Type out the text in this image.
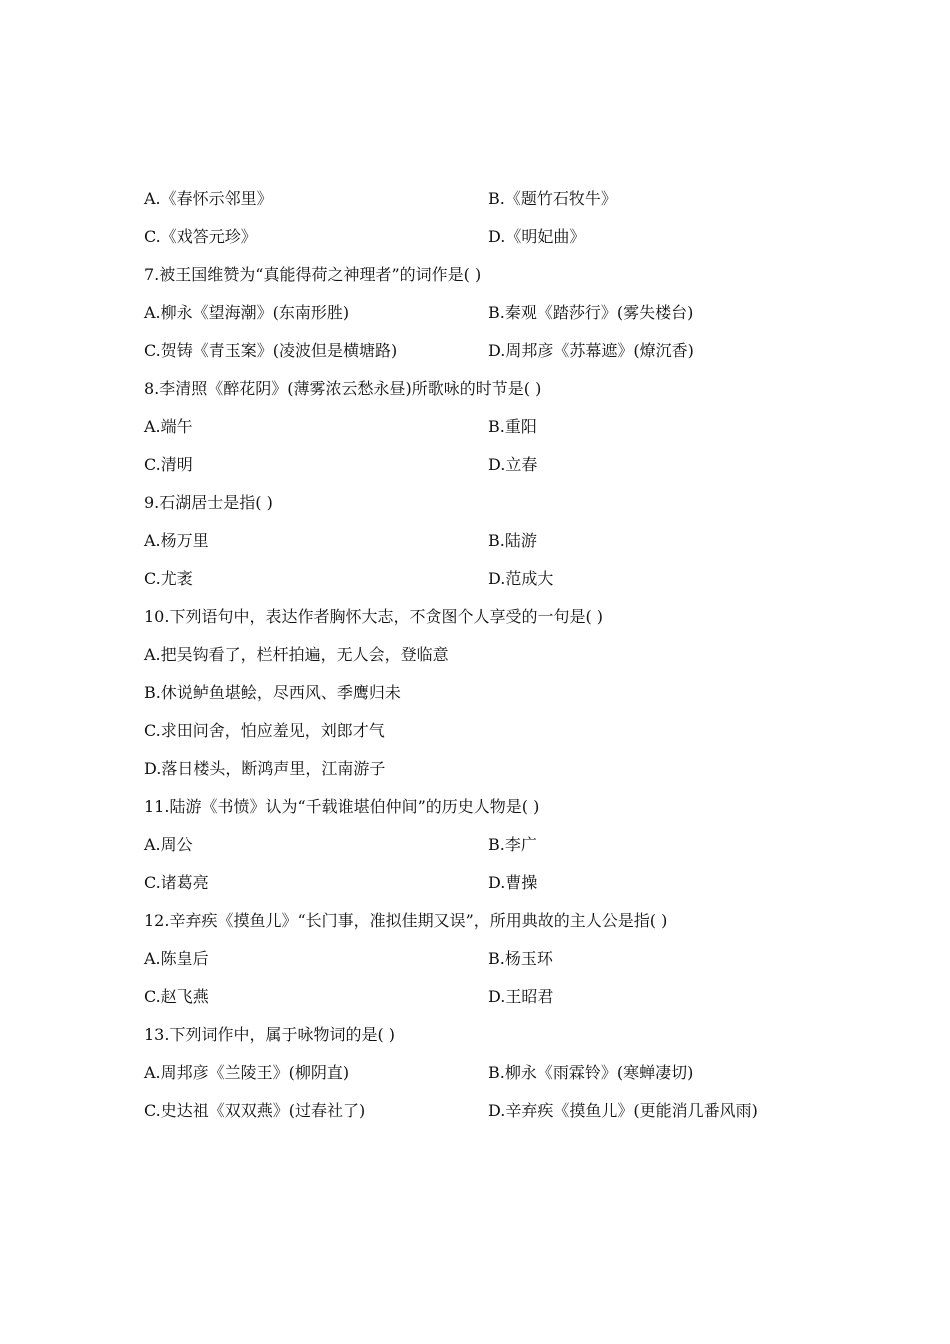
A.《春怀示邻里》	B.《题竹石牧牛》
C.《戏答元珍》	D.《明妃曲》
7.被王国维赞为“真能得荷之神理者”的词作是( )
A.柳永《望海潮》(东南形胜)	B.秦观《踏莎行》(雾失楼台)
C.贺铸《青玉案》(凌波但是横塘路)	D.周邦彦《苏幕遮》(燎沉香)
8.李清照《醉花阴》(薄雾浓云愁永昼)所歌咏的时节是( )
A.端午	B.重阳
C.清明	D.立春
9.石湖居士是指( )
A.杨万里	B.陆游
C.尤袤	D.范成大
10.下列语句中，表达作者胸怀大志，不贪图个人享受的一句是( )
A.把吴钩看了，栏杆拍遍，无人会，登临意
B.休说鲈鱼堪鲙，尽西风、季鹰归未
C.求田问舍，怕应羞见，刘郎才气
D.落日楼头，断鸿声里，江南游子
11.陆游《书愤》认为“千载谁堪伯仲间”的历史人物是( )
A.周公	B.李广
C.诸葛亮	D.曹操
12.辛弃疾《摸鱼儿》“长门事，准拟佳期又误”，所用典故的主人公是指( )
A.陈皇后	B.杨玉环
C.赵飞燕	D.王昭君
13.下列词作中，属于咏物词的是( )
A.周邦彦《兰陵王》(柳阴直)	B.柳永《雨霖铃》(寒蝉凄切)
C.史达祖《双双燕》(过春社了)	D.辛弃疾《摸鱼儿》(更能消几番风雨)
